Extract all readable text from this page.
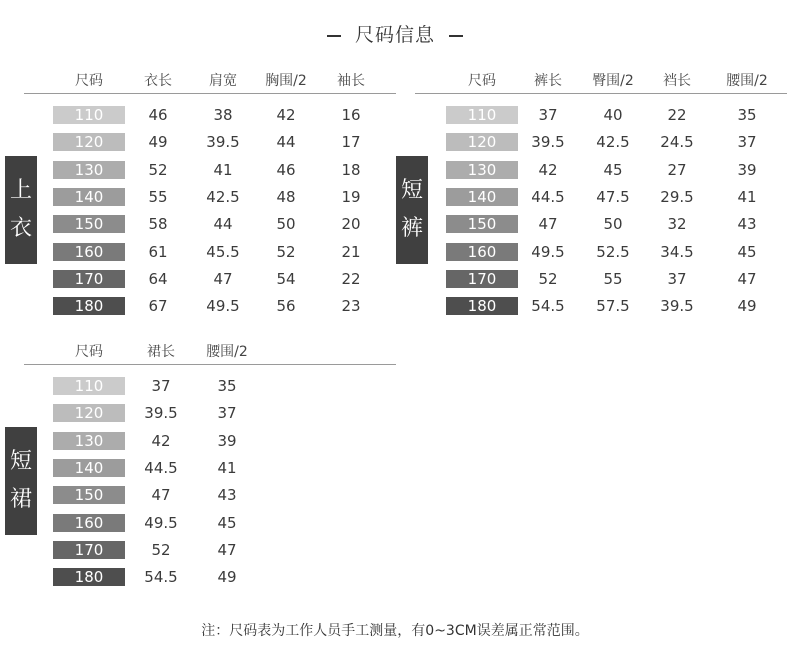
尺码信息
尺码	衣长	肩宽	胸围/2	袖长
110	46	38	42	16
120	49	39.5	44	17
130	52	41	46	18
140	55	42.5	48	19
150	58	44	50	20
160	61	45.5	52	21
170	64	47	54	22
180	67	49.5	56	23
上
衣
尺码	裤长	臀围/2	裆长	腰围/2
110	37	40	22	35
120	39.5	42.5	24.5	37
130	42	45	27	39
140	44.5	47.5	29.5	41
150	47	50	32	43
160	49.5	52.5	34.5	45
170	52	55	37	47
180	54.5	57.5	39.5	49
短
裤
尺码	裙长	腰围/2
110	37	35
120	39.5	37
130	42	39
140	44.5	41
150	47	43
160	49.5	45
170	52	47
180	54.5	49
短
裙
注：尺码表为工作人员手工测量，有0~3CM误差属正常范围。
